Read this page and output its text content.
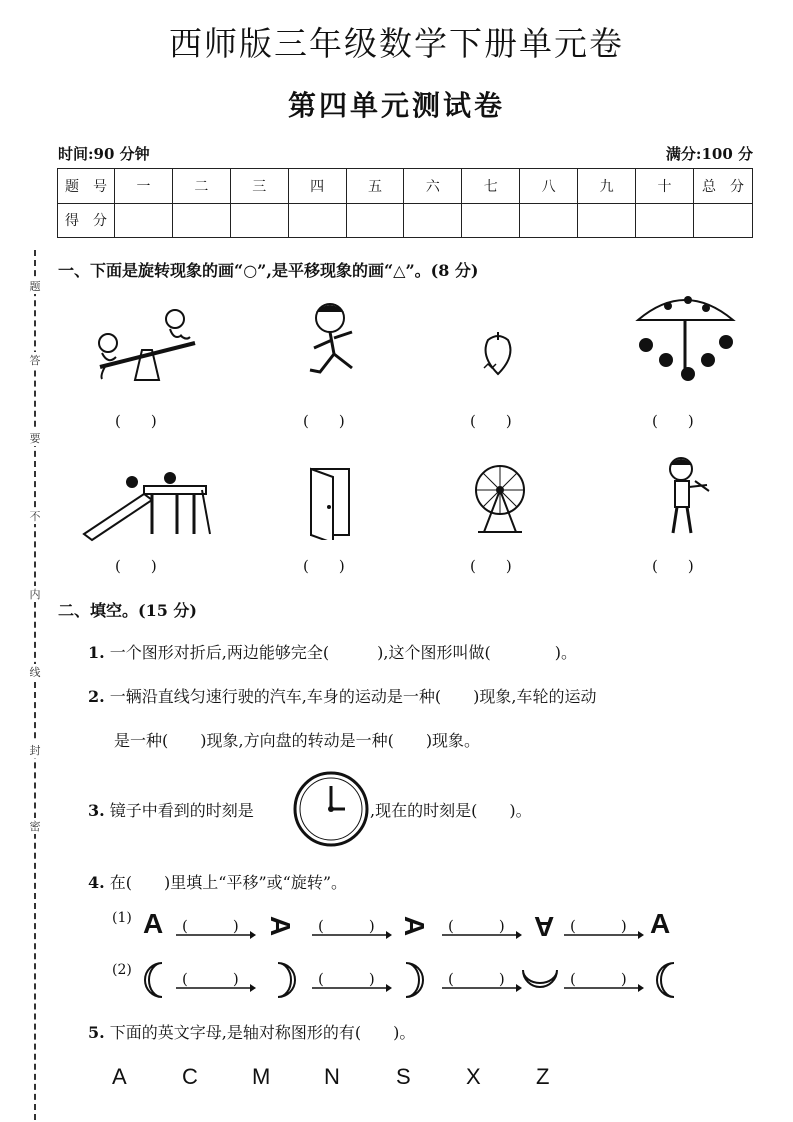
西师版三年级数学下册单元卷
第四单元测试卷
时间:90 分钟	满分:100 分
题　号	一	二	三	四	五	六	七	八	九	十	总　分
得　分											
题
答
要
不
内
线
封
密
一、下面是旋转现象的画“○”,是平移现象的画“△”。(8 分)
(　　)	(　　)	(　　)	(　　)
(　　)	(　　)	(　　)	(　　)
二、填空。(15 分)
1. 一个图形对折后,两边能够完全(　　　),这个图形叫做(　　　　)。
2. 一辆沿直线匀速行驶的汽车,车身的运动是一种(　　)现象,车轮的运动
是一种(　　)现象,方向盘的转动是一种(　　)现象。
3. 镜子中看到的时刻是	,现在的时刻是(　　)。
4. 在(　　)里填上“平移”或“旋转”。
(1) A	A	A	A	A
(　　　)	(　　　)	(　　　)	(　　　)
(2)	(　　　)	(　　　)	(　　　)	(　　　)
5. 下面的英文字母,是轴对称图形的有(　　)。
A	C M N	S	X	Z
